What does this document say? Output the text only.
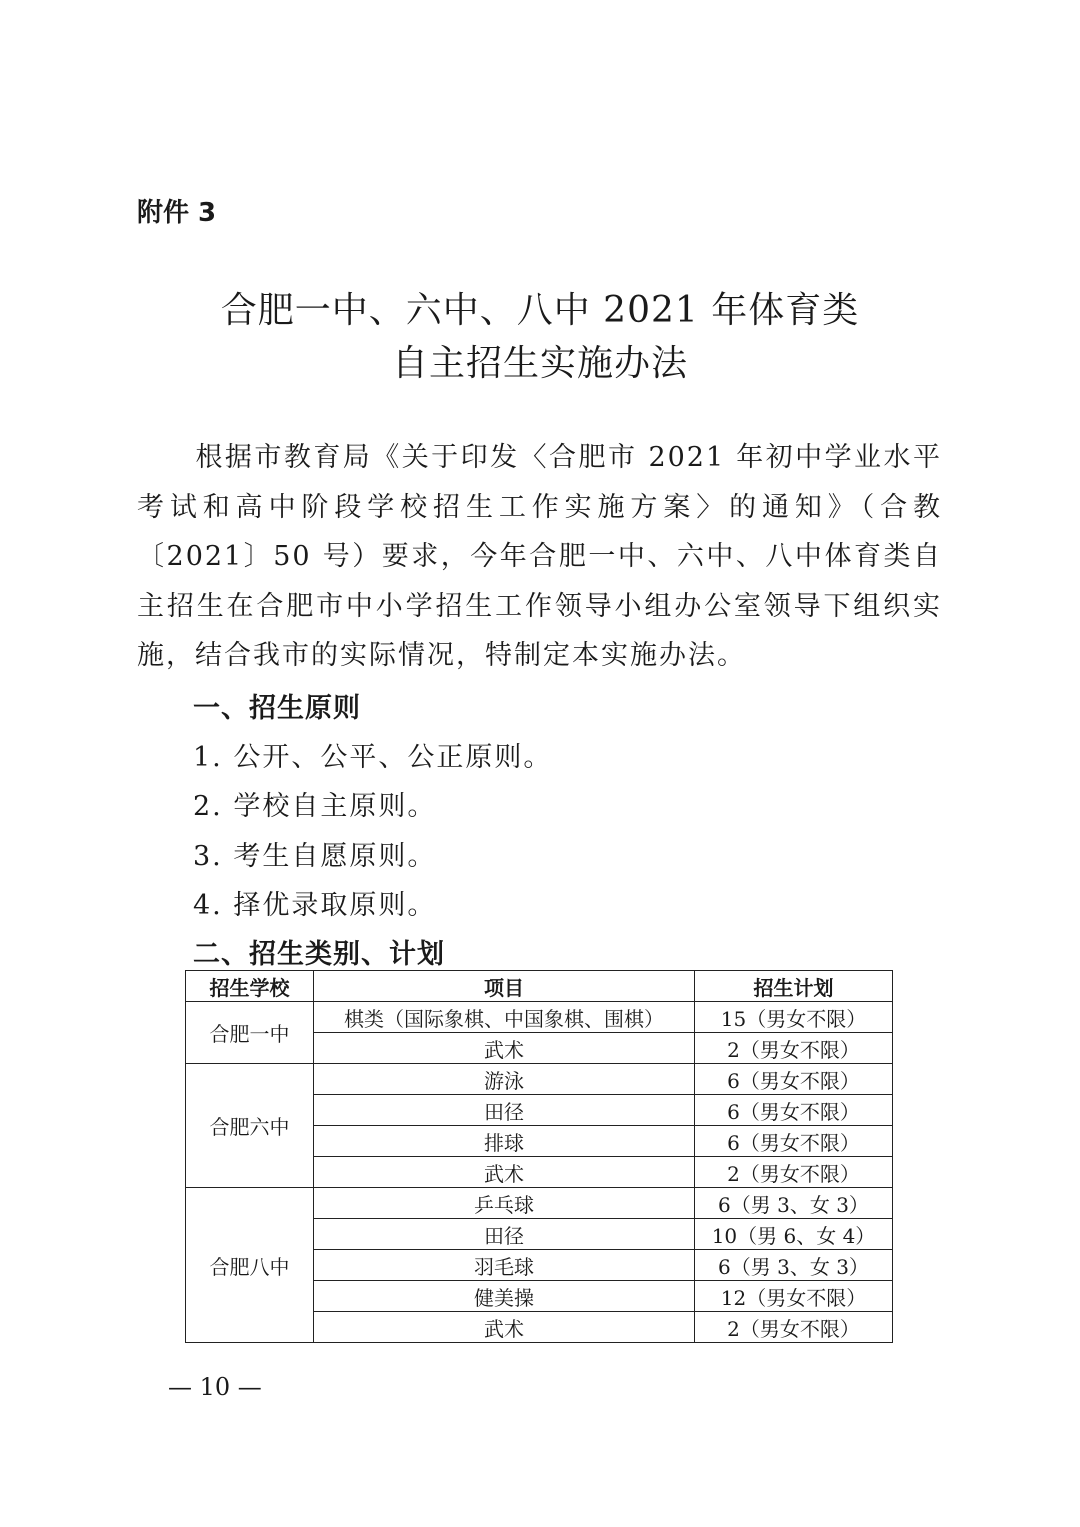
附件 3
合肥一中、六中、八中 2021 年体育类
自主招生实施办法
根据市教育局《关于印发〈合肥市 2021 年初中学业水平考试和高中阶段学校招生工作实施方案〉的通知》（合教〔2021〕50 号）要求，今年合肥一中、六中、八中体育类自主招生在合肥市中小学招生工作领导小组办公室领导下组织实施，结合我市的实际情况，特制定本实施办法。
一、招生原则
1. 公开、公平、公正原则。
2. 学校自主原则。
3. 考生自愿原则。
4. 择优录取原则。
二、招生类别、计划
招生学校	项目	招生计划
合肥一中	棋类（国际象棋、中国象棋、围棋）	15（男女不限）
	武术	2（男女不限）
合肥六中	游泳	6（男女不限）
	田径	6（男女不限）
	排球	6（男女不限）
	武术	2（男女不限）
合肥八中	乒乓球	6（男 3、女 3）
	田径	10（男 6、女 4）
	羽毛球	6（男 3、女 3）
	健美操	12（男女不限）
	武术	2（男女不限）
— 10 —
